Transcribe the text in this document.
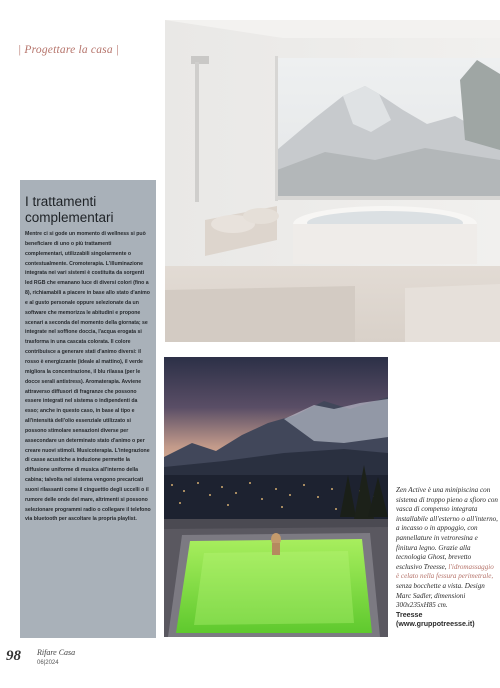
| Progettare la casa |
I trattamenti
complementari

Mentre ci si gode un momento di wellness si può beneficiare di uno o più trattamenti complementari, utilizzabili singolarmente o contestualmente. Cromoterapia. L'illuminazione integrata nei vari sistemi è costituita da sorgenti led RGB che emanano luce di diversi colori (fino a 8), richiamabili a piacere in base allo stato d'animo e al gusto personale oppure selezionate da un software che memorizza le abitudini e propone scenari a seconda del momento della giornata; se integrate nel soffione doccia, l'acqua erogata si trasforma in una cascata colorata. Il colore contribuisce a generare stati d'animo diversi: il rosso è energizzante (ideale al mattino), il verde migliora la concentrazione, il blu rilassa (per le docce serali antistress). Aromaterapia. Avviene attraverso diffusori di fragranze che possono essere integrati nel sistema o indipendenti da esso; anche in questo caso, in base al tipo e all'intensità dell'olio essenziale utilizzato si possono stimolare sensazioni diverse per assecondare un determinato stato d'animo o per creare nuovi stimoli. Musicoterapia. L'integrazione di casse acustiche a induzione permette la diffusione uniforme di musica all'interno della cabina; talvolta nel sistema vengono precaricati suoni rilassanti come il cinguettio degli uccelli o il rumore delle onde del mare, altrimenti si possono selezionare programmi radio o collegare il telefono via bluetooth per ascoltare la propria playlist.

Zen Active è una minipiscina con sistema di troppo pieno a sfioro con vasca di compenso integrata installabile all'esterno o all'interno, a incasso o in appoggio, con pannellature in vetroresina e finitura legno. Grazie alla tecnologia Ghost, brevetto esclusivo Treesse, l'idromassaggio è celato nella fessura perimetrale, senza bocchette a vista. Design Marc Sadler, dimensioni 300x235xH85 cm.
Treesse
(www.gruppotreesse.it)
98 Rifare Casa
06|2024
